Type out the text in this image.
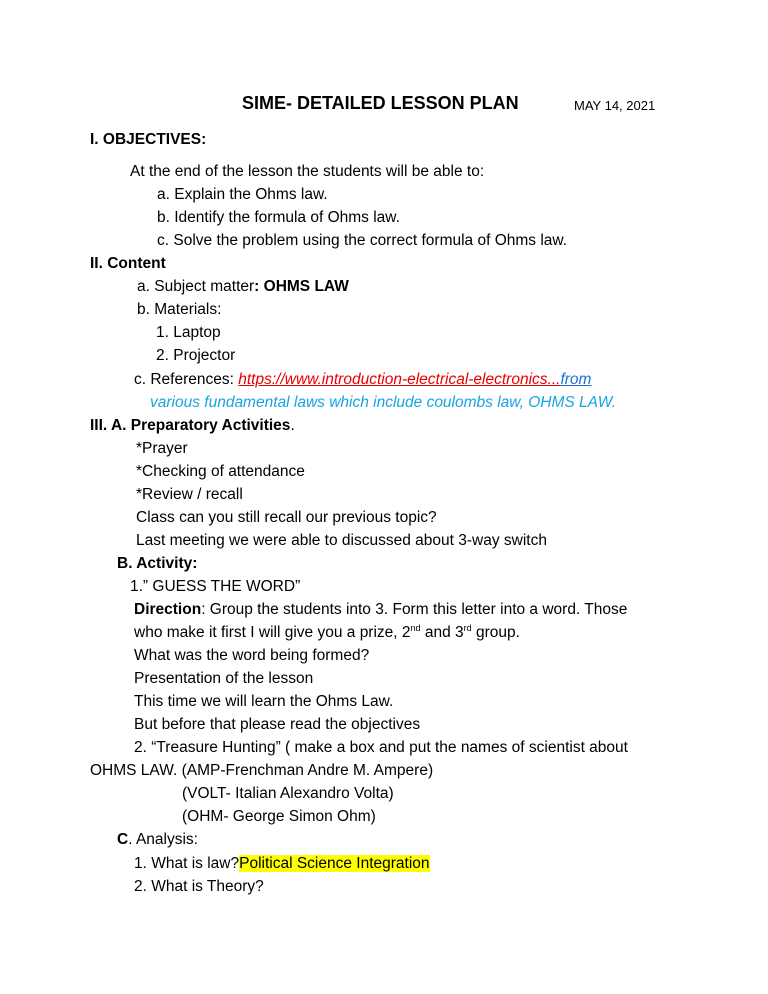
SIME- DETAILED LESSON PLAN	MAY 14, 2021
I. OBJECTIVES:
At the end of the lesson the students will be able to:
a. Explain the Ohms law.
b. Identify the formula of Ohms law.
c. Solve the problem using the correct formula of Ohms law.
II. Content
a. Subject matter: OHMS LAW
b. Materials:
1. Laptop
2. Projector
c. References: https://www.introduction-electrical-electronics...from
various fundamental laws which include coulombs law, OHMS LAW.
III. A. Preparatory Activities.
*Prayer
*Checking of attendance
*Review / recall
Class can you still recall our previous topic?
Last meeting we were able to discussed about 3-way switch
B. Activity:
1.” GUESS THE WORD”
Direction: Group the students into 3. Form this letter into a word. Those
who make it first I will give you a prize, 2nd and 3rd group.
What was the word being formed?
Presentation of the lesson
This time we will learn the Ohms Law.
But before that please read the objectives
2. “Treasure Hunting” ( make a box and put the names of scientist about
OHMS LAW. (AMP-Frenchman Andre M. Ampere)
(VOLT- Italian Alexandro Volta)
(OHM- George Simon Ohm)
C. Analysis:
1. What is law?Political Science Integration
2. What is Theory?
